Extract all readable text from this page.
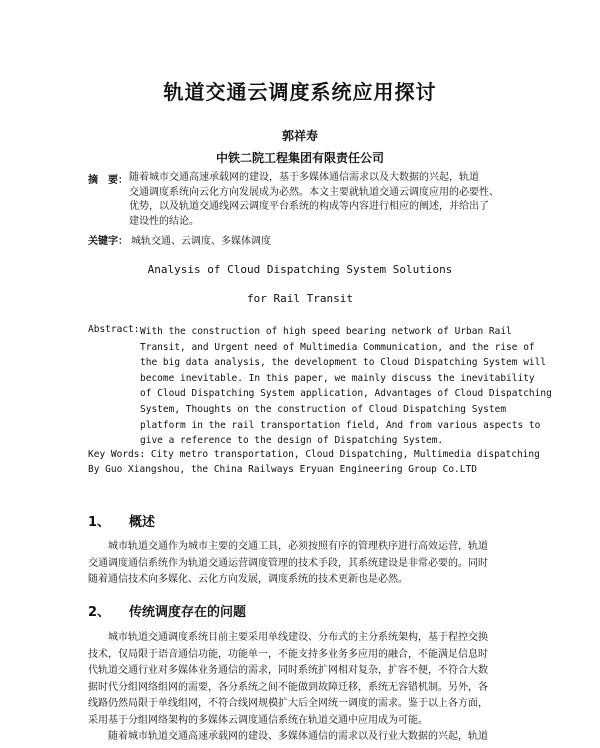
轨道交通云调度系统应用探讨
郭祥寿
中铁二院工程集团有限责任公司
摘　要： 随着城市交通高速承载网的建设，基于多媒体通信需求以及大数据的兴起，轨道
交通调度系统向云化方向发展成为必然。本文主要就轨道交通云调度应用的必要性、
优势，以及轨道交通线网云调度平台系统的构成等内容进行相应的阐述，并给出了
建设性的结论。
关键字： 城轨交通、云调度、多媒体调度
Analysis of Cloud Dispatching System Solutions
for Rail Transit
Abstract: With the construction of high speed bearing network of Urban Rail
Transit, and Urgent need of Multimedia Communication, and the rise of
the big data analysis, the development to Cloud Dispatching System will
become inevitable. In this paper, we mainly discuss the inevitability
of Cloud Dispatching System application, Advantages of Cloud Dispatching
System, Thoughts on the construction of Cloud Dispatching System
platform in the rail transportation field, And from various aspects to
give a reference to the design of Dispatching System.
Key Words: City metro transportation, Cloud Dispatching, Multimedia dispatching
By Guo Xiangshou, the China Railways Eryuan Engineering Group Co.LTD
1、 概述
　　城市轨道交通作为城市主要的交通工具，必须按照有序的管理秩序进行高效运营，轨道
交通调度通信系统作为轨道交通运营调度管理的技术手段，其系统建设是非常必要的。同时
随着通信技术向多媒化、云化方向发展，调度系统的技术更新也是必然。
2、 传统调度存在的问题
　　城市轨道交通调度系统目前主要采用单线建设、分布式的主分系统架构，基于程控交换
技术，仅局限于语音通信功能，功能单一，不能支持多业务多应用的融合，不能满足信息时
代轨道交通行业对多媒体业务通信的需求，同时系统扩网相对复杂，扩容不便，不符合大数
据时代分组网络组网的需要，各分系统之间不能做到故障迁移，系统无容错机制。另外，各
线路仍然局限于单线组网，不符合线网规模扩大后全网统一调度的需求。鉴于以上各方面，
采用基于分组网络架构的多媒体云调度通信系统在轨道交通中应用成为可能。
　　随着城市轨道交通高速承载网的建设、多媒体通信的需求以及行业大数据的兴起，轨道
